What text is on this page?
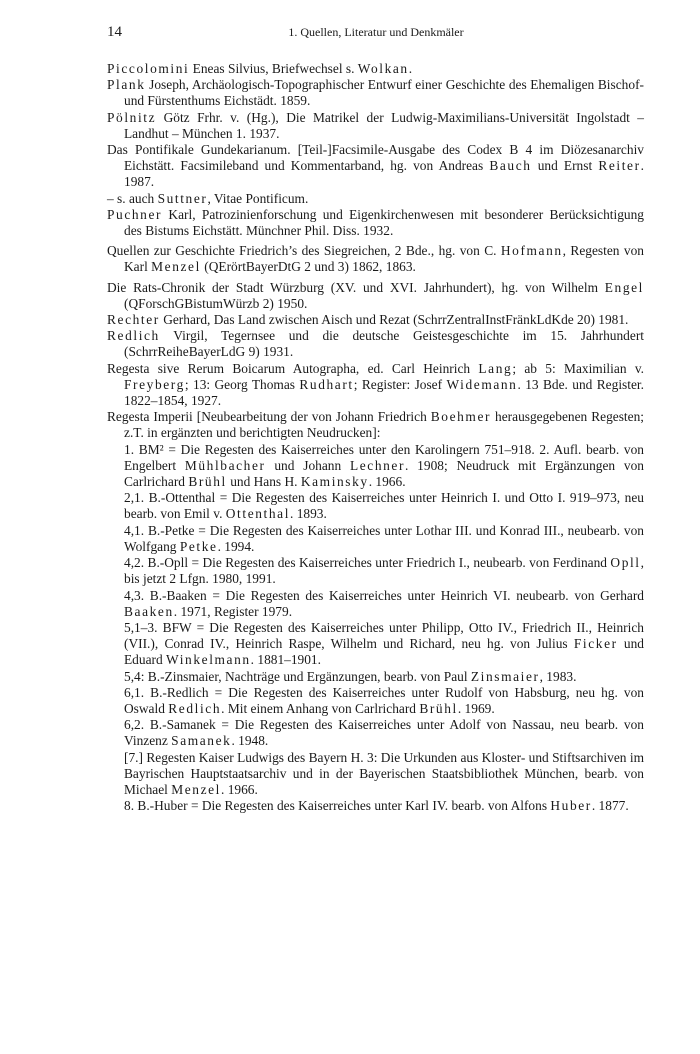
14	1. Quellen, Literatur und Denkmäler

Piccolomini Eneas Silvius, Briefwechsel s. Wolkan.

Plank Joseph, Archäologisch-Topographischer Entwurf einer Geschichte des Ehemaligen Bischof- und Fürstenthums Eichstädt. 1859.

Pölnitz Götz Frhr. v. (Hg.), Die Matrikel der Ludwig-Maximilians-Universität Ingolstadt – Landhut – München 1. 1937.

Das Pontifikale Gundekarianum. [Teil-]Facsimile-Ausgabe des Codex B 4 im Diözesanarchiv Eichstätt. Facsimileband und Kommentarband, hg. von Andreas Bauch und Ernst Reiter. 1987.

– s. auch Suttner, Vitae Pontificum.

Puchner Karl, Patrozinienforschung und Eigenkirchenwesen mit besonderer Berücksichtigung des Bistums Eichstätt. Münchner Phil. Diss. 1932.

Quellen zur Geschichte Friedrich’s des Siegreichen, 2 Bde., hg. von C. Hofmann, Regesten von Karl Menzel (QErörtBayerDtG 2 und 3) 1862, 1863.

Die Rats-Chronik der Stadt Würzburg (XV. und XVI. Jahrhundert), hg. von Wilhelm Engel (QForschGBistumWürzb 2) 1950.

Rechter Gerhard, Das Land zwischen Aisch und Rezat (SchrrZentralInstFränkLdKde 20) 1981.

Redlich Virgil, Tegernsee und die deutsche Geistesgeschichte im 15. Jahrhundert (SchrrReiheBayerLdG 9) 1931.

Regesta sive Rerum Boicarum Autographa, ed. Carl Heinrich Lang; ab 5: Maximilian v. Freyberg; 13: Georg Thomas Rudhart; Register: Josef Widemann. 13 Bde. und Register. 1822–1854, 1927.

Regesta Imperii [Neubearbeitung der von Johann Friedrich Boehmer herausgegebenen Regesten; z.T. in ergänzten und berichtigten Neudrucken]:

1. BM² = Die Regesten des Kaiserreiches unter den Karolingern 751–918. 2. Aufl. bearb. von Engelbert Mühlbacher und Johann Lechner. 1908; Neudruck mit Ergänzungen von Carlrichard Brühl und Hans H. Kaminsky. 1966.

2,1. B.-Ottenthal = Die Regesten des Kaiserreiches unter Heinrich I. und Otto I. 919–973, neu bearb. von Emil v. Ottenthal. 1893.

4,1. B.-Petke = Die Regesten des Kaiserreiches unter Lothar III. und Konrad III., neubearb. von Wolfgang Petke. 1994.

4,2. B.-Opll = Die Regesten des Kaiserreiches unter Friedrich I., neubearb. von Ferdinand Opll, bis jetzt 2 Lfgn. 1980, 1991.

4,3. B.-Baaken = Die Regesten des Kaiserreiches unter Heinrich VI. neubearb. von Gerhard Baaken. 1971, Register 1979.

5,1–3. BFW = Die Regesten des Kaiserreiches unter Philipp, Otto IV., Friedrich II., Heinrich (VII.), Conrad IV., Heinrich Raspe, Wilhelm und Richard, neu hg. von Julius Ficker und Eduard Winkelmann. 1881–1901.

5,4: B.-Zinsmaier, Nachträge und Ergänzungen, bearb. von Paul Zinsmaier, 1983.

6,1. B.-Redlich = Die Regesten des Kaiserreiches unter Rudolf von Habsburg, neu hg. von Oswald Redlich. Mit einem Anhang von Carlrichard Brühl. 1969.

6,2. B.-Samanek = Die Regesten des Kaiserreiches unter Adolf von Nassau, neu bearb. von Vinzenz Samanek. 1948.

[7.] Regesten Kaiser Ludwigs des Bayern H. 3: Die Urkunden aus Kloster- und Stiftsarchiven im Bayrischen Hauptstaatsarchiv und in der Bayerischen Staatsbibliothek München, bearb. von Michael Menzel. 1966.

8. B.-Huber = Die Regesten des Kaiserreiches unter Karl IV. bearb. von Alfons Huber. 1877.
